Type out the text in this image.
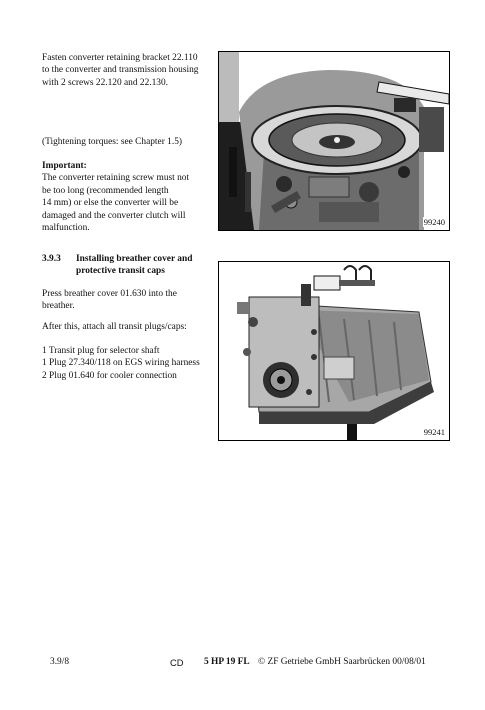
Fasten converter retaining bracket 22.110
to the converter and transmission housing
with 2 screws 22.120 and 22.130.
(Tightening torques: see Chapter 1.5)
Important:
The converter retaining screw must not
be too long (recommended length
14 mm) or else the converter will be
damaged and the converter clutch will
malfunction.
3.9.3 Installing breather cover and
protective transit caps
Press breather cover 01.630 into the
breather.
After this, attach all transit plugs/caps:
1 Transit plug for selector shaft
1 Plug 27.340/118 on EGS wiring harness
2 Plug 01.640 for cooler connection
99240
99241
3.9/8	CD 5 HP 19 FL © ZF Getriebe GmbH Saarbrücken 00/08/01
